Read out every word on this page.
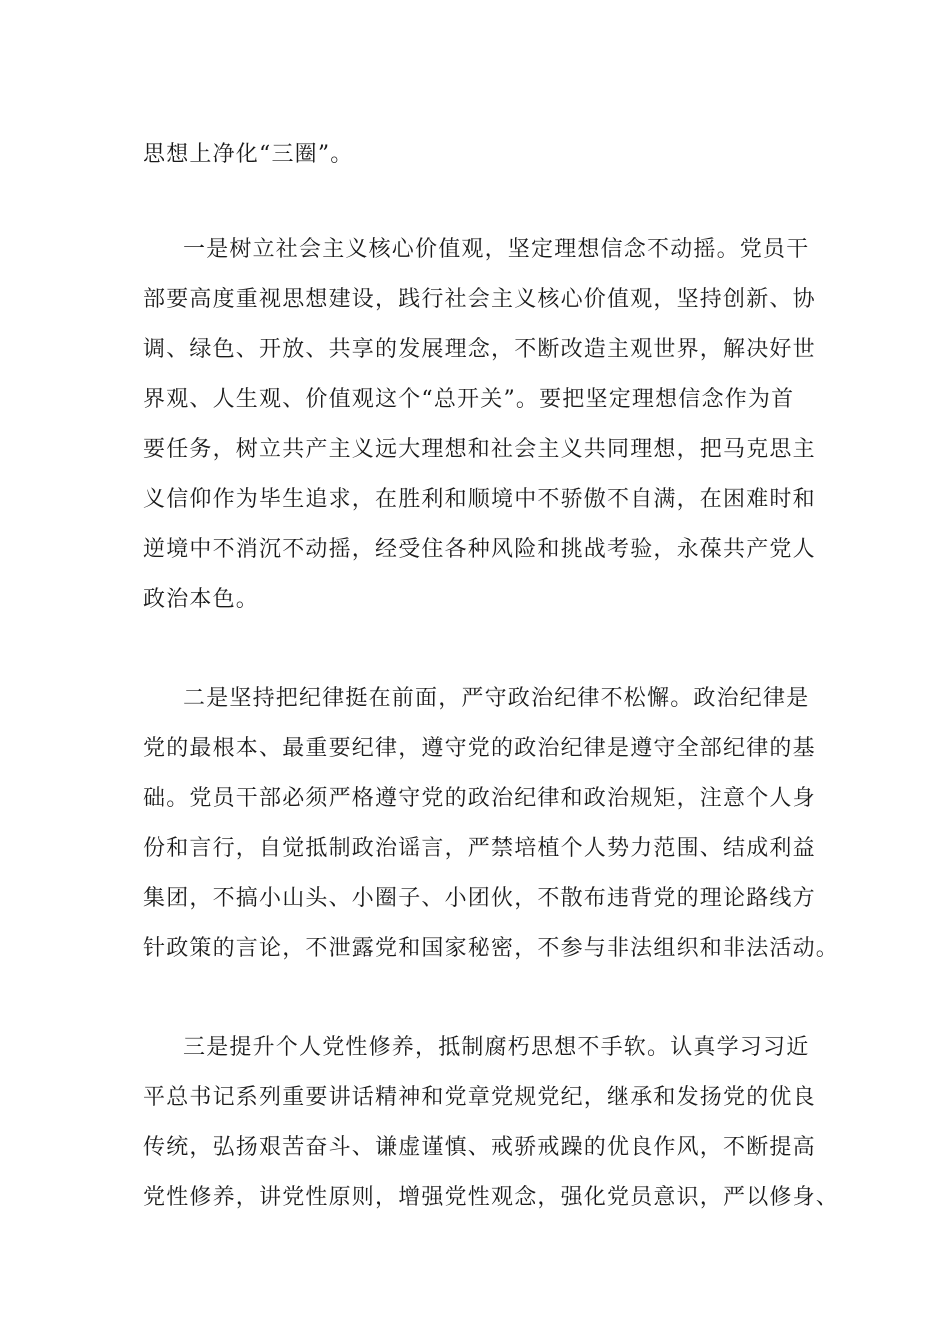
思想上净化“三圈”。
一是树立社会主义核心价值观，坚定理想信念不动摇。党员干
部要高度重视思想建设，践行社会主义核心价值观，坚持创新、协
调、绿色、开放、共享的发展理念，不断改造主观世界，解决好世
界观、人生观、价值观这个“总开关”。要把坚定理想信念作为首
要任务，树立共产主义远大理想和社会主义共同理想，把马克思主
义信仰作为毕生追求，在胜利和顺境中不骄傲不自满，在困难时和
逆境中不消沉不动摇，经受住各种风险和挑战考验，永葆共产党人
政治本色。
二是坚持把纪律挺在前面，严守政治纪律不松懈。政治纪律是
党的最根本、最重要纪律，遵守党的政治纪律是遵守全部纪律的基
础。党员干部必须严格遵守党的政治纪律和政治规矩，注意个人身
份和言行，自觉抵制政治谣言，严禁培植个人势力范围、结成利益
集团，不搞小山头、小圈子、小团伙，不散布违背党的理论路线方
针政策的言论，不泄露党和国家秘密，不参与非法组织和非法活动。
三是提升个人党性修养，抵制腐朽思想不手软。认真学习习近
平总书记系列重要讲话精神和党章党规党纪，继承和发扬党的优良
传统，弘扬艰苦奋斗、谦虚谨慎、戒骄戒躁的优良作风，不断提高
党性修养，讲党性原则，增强党性观念，强化党员意识，严以修身、
